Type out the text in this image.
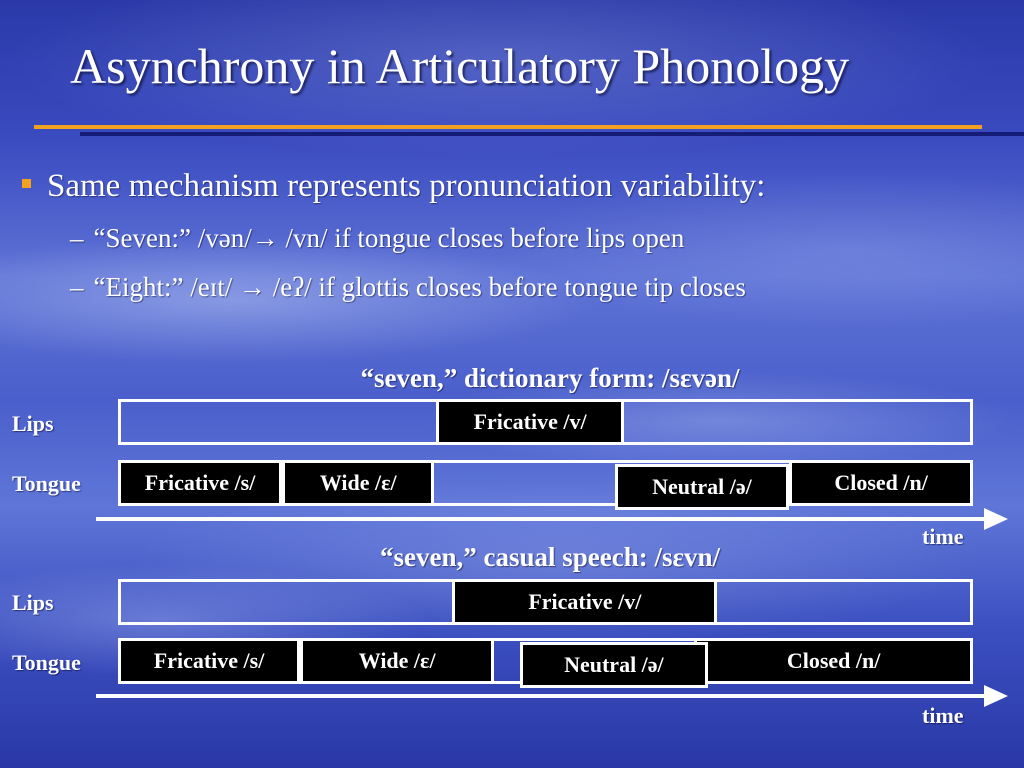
Asynchrony in Articulatory Phonology
Same mechanism represents pronunciation variability:
– “Seven:” /vən/→ /vn/ if tongue closes before lips open
– “Eight:” /eɪt/ → /eʔ/ if glottis closes before tongue tip closes
“seven,” dictionary form: /sɛvən/
Lips
Tongue
time
“seven,” casual speech: /sεvn/
Lips
Tongue
time
Fricative /v/
Fricative /s/	Wide /ε/	Neutral /ə/	Closed /n/
Fricative /v/
Fricative /s/	Wide /ε/	Neutral /ə/	Closed /n/
